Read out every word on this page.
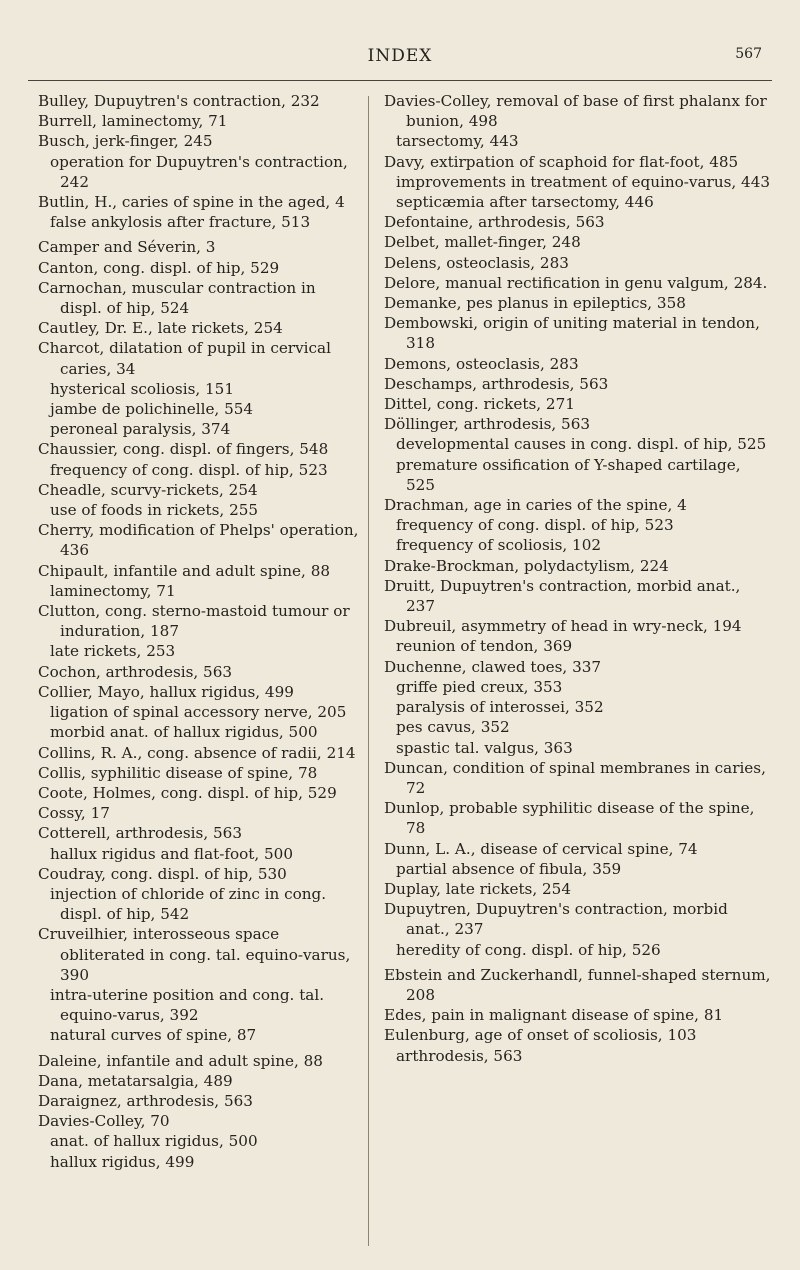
INDEX	567
Bulley, Dupuytren's contraction, 232
Burrell, laminectomy, 71
Busch, jerk-finger, 245
operation for Dupuytren's contraction, 242
Butlin, H., caries of spine in the aged, 4
false ankylosis after fracture, 513
Camper and Séverin, 3
Canton, cong. displ. of hip, 529
Carnochan, muscular contraction in displ. of hip, 524
Cautley, Dr. E., late rickets, 254
Charcot, dilatation of pupil in cervical caries, 34
hysterical scoliosis, 151
jambe de polichinelle, 554
peroneal paralysis, 374
Chaussier, cong. displ. of fingers, 548
frequency of cong. displ. of hip, 523
Cheadle, scurvy-rickets, 254
use of foods in rickets, 255
Cherry, modification of Phelps' operation, 436
Chipault, infantile and adult spine, 88
laminectomy, 71
Clutton, cong. sterno-mastoid tumour or induration, 187
late rickets, 253
Cochon, arthrodesis, 563
Collier, Mayo, hallux rigidus, 499
ligation of spinal accessory nerve, 205
morbid anat. of hallux rigidus, 500
Collins, R. A., cong. absence of radii, 214
Collis, syphilitic disease of spine, 78
Coote, Holmes, cong. displ. of hip, 529
Cossy, 17
Cotterell, arthrodesis, 563
hallux rigidus and flat-foot, 500
Coudray, cong. displ. of hip, 530
injection of chloride of zinc in cong. displ. of hip, 542
Cruveilhier, interosseous space obliterated in cong. tal. equino-varus, 390
intra-uterine position and cong. tal. equino-varus, 392
natural curves of spine, 87
Daleine, infantile and adult spine, 88
Dana, metatarsalgia, 489
Daraignez, arthrodesis, 563
Davies-Colley, 70
anat. of hallux rigidus, 500
hallux rigidus, 499
Davies-Colley, removal of base of first phalanx for bunion, 498
tarsectomy, 443
Davy, extirpation of scaphoid for flat-foot, 485
improvements in treatment of equino-varus, 443
septicæmia after tarsectomy, 446
Defontaine, arthrodesis, 563
Delbet, mallet-finger, 248
Delens, osteoclasis, 283
Delore, manual rectification in genu valgum, 284.
Demanke, pes planus in epileptics, 358
Dembowski, origin of uniting material in tendon, 318
Demons, osteoclasis, 283
Deschamps, arthrodesis, 563
Dittel, cong. rickets, 271
Döllinger, arthrodesis, 563
developmental causes in cong. displ. of hip, 525
premature ossification of Y-shaped cartilage, 525
Drachman, age in caries of the spine, 4
frequency of cong. displ. of hip, 523
frequency of scoliosis, 102
Drake-Brockman, polydactylism, 224
Druitt, Dupuytren's contraction, morbid anat., 237
Dubreuil, asymmetry of head in wry-neck, 194
reunion of tendon, 369
Duchenne, clawed toes, 337
griffe pied creux, 353
paralysis of interossei, 352
pes cavus, 352
spastic tal. valgus, 363
Duncan, condition of spinal membranes in caries, 72
Dunlop, probable syphilitic disease of the spine, 78
Dunn, L. A., disease of cervical spine, 74
partial absence of fibula, 359
Duplay, late rickets, 254
Dupuytren, Dupuytren's contraction, morbid anat., 237
heredity of cong. displ. of hip, 526
Ebstein and Zuckerhandl, funnel-shaped sternum, 208
Edes, pain in malignant disease of spine, 81
Eulenburg, age of onset of scoliosis, 103
arthrodesis, 563
